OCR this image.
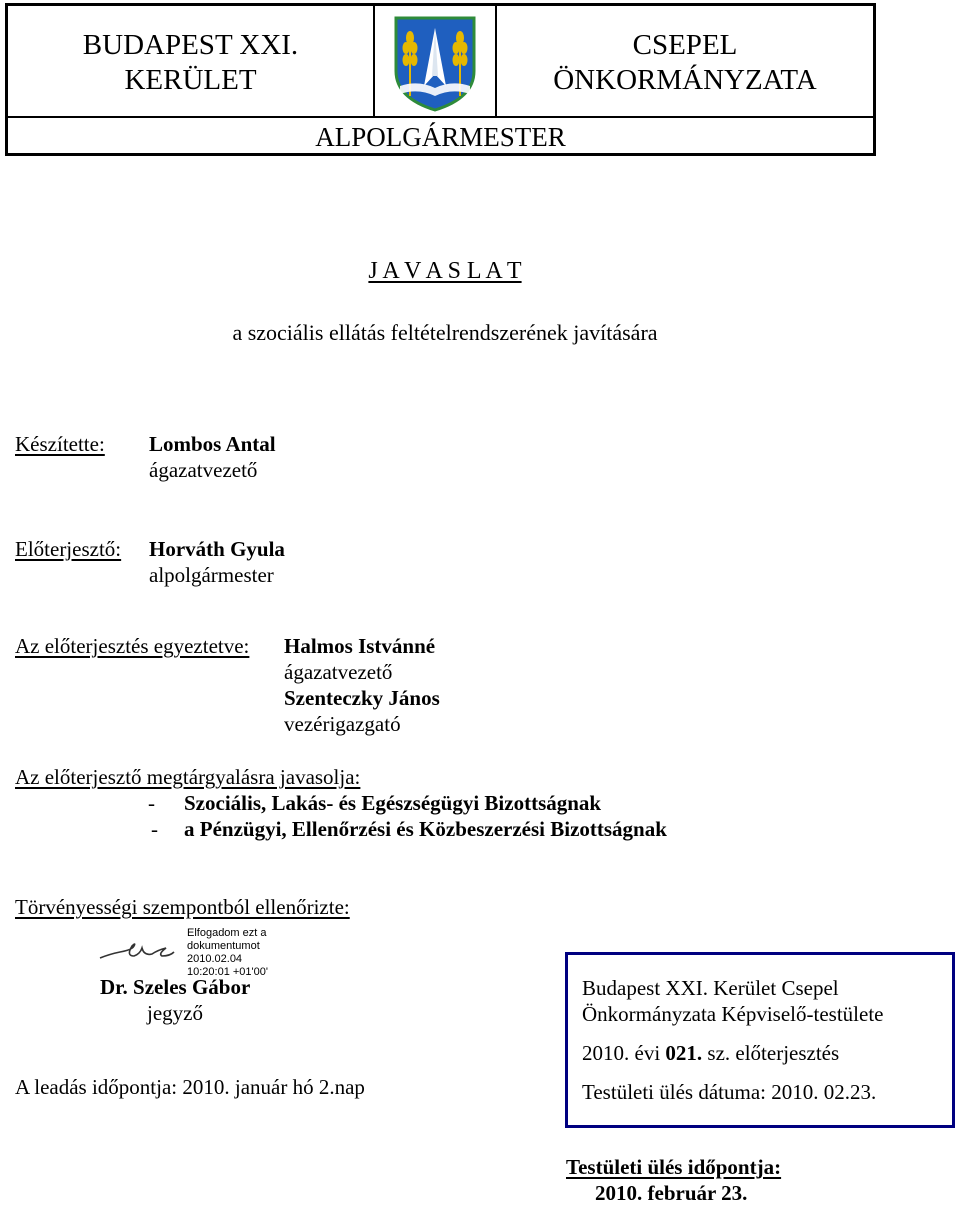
BUDAPEST XXI.
KERÜLET
CSEPEL
ÖNKORMÁNYZATA
ALPOLGÁRMESTER
J A V A S L A T
a szociális ellátás feltételrendszerének javítására
Készítette: Lombos Antal
ágazatvezető
Előterjesztő: Horváth Gyula
alpolgármester
Az előterjesztés egyeztetve: Halmos Istvánné
ágazatvezető
Szenteczky János
vezérigazgató
Az előterjesztő megtárgyalásra javasolja:
- Szociális, Lakás- és Egészségügyi Bizottságnak
- a Pénzügyi, Ellenőrzési és Közbeszerzési Bizottságnak
Törvényességi szempontból ellenőrizte:
Elfogadom ezt a
dokumentumot
2010.02.04
10:20:01 +01'00'
Dr. Szeles Gábor
jegyző
A leadás időpontja: 2010. január hó 2.nap
Budapest XXI. Kerület Csepel
Önkormányzata Képviselő-testülete
2010. évi 021. sz. előterjesztés
Testületi ülés dátuma: 2010. 02.23.
Testületi ülés időpontja:
2010. február 23.
